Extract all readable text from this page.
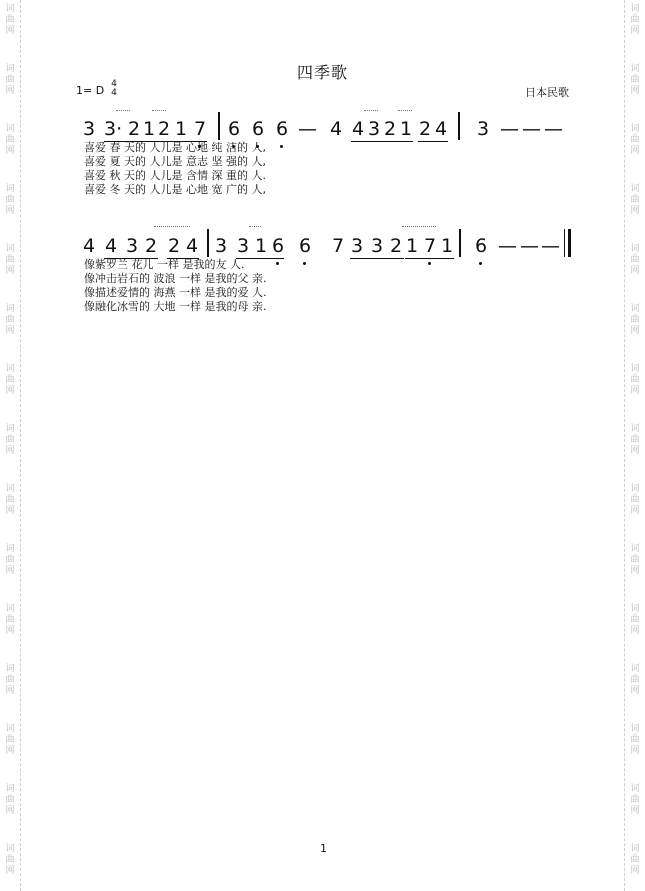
词
曲
网
词
曲
网
词
曲
网
词
曲
网
词
曲
网
词
曲
网
词
曲
网
词
曲
网
词
曲
网
词
曲
网
词
曲
网
词
曲
网
词
曲
网
词
曲
网
词
曲
网
词
曲
网
词
曲
网
词
曲
网
词
曲
网
词
曲
网
词
曲
网
词
曲
网
词
曲
网
词
曲
网
词
曲
网
词
曲
网
词
曲
网
词
曲
网
词
曲
网
词
曲
网
四季歌
1= D 4
4	日本民歌
3 3· 2 1 2 1 7 6 6 6 — 4 4 3 2 1 2 4 3 — — —
喜爱 春 天的 人儿是 心地 纯 洁的 人,
喜爱 夏 天的 人儿是 意志 坚 强的 人,
喜爱 秋 天的 人儿是 含情 深 重的 人.
喜爱 冬 天的 人儿是 心地 宽 广的 人,
4 4 3 2 2 4 3 3 1 6 6 7 3 3 2 1 7 1 6 — — —
像紫罗兰 花儿 一样 是我的友 人.
像冲击岩石的 波浪 一样 是我的父 亲.
像描述爱情的 海燕 一样 是我的爱 人.
像融化冰雪的 大地 一样 是我的母 亲.
1
